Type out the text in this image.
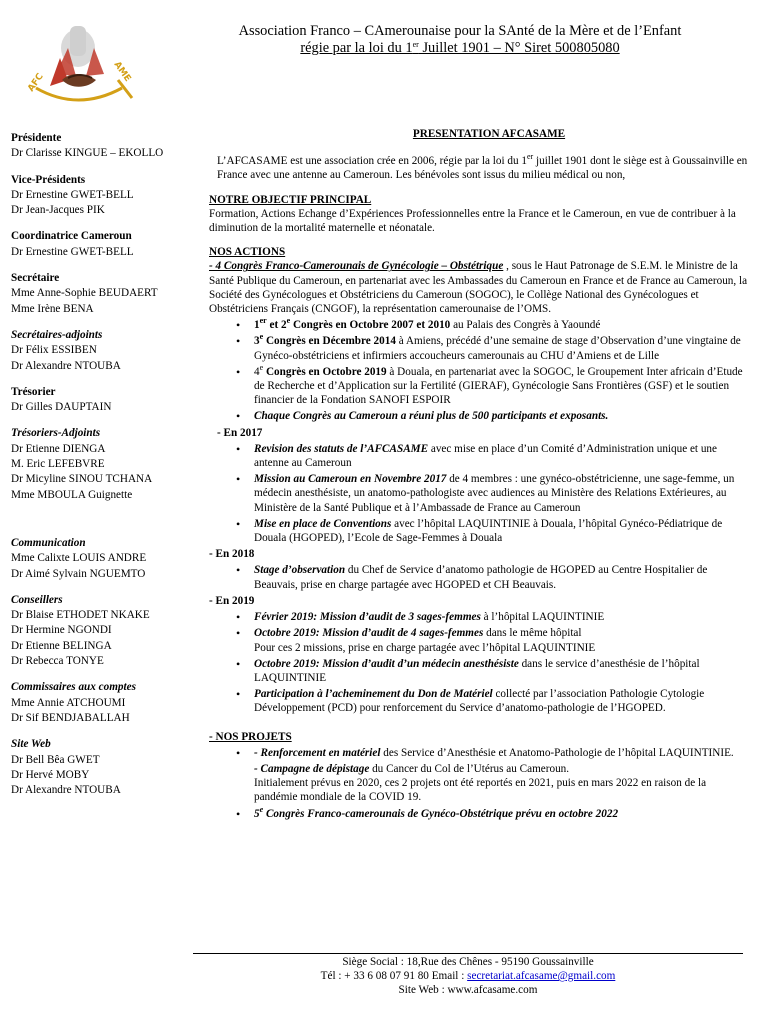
AFC	AME
Association Franco – CAmerounaise pour la SAnté de la Mère et de l’Enfant
régie par la loi du 1er Juillet 1901 – N° Siret 500805080
Présidente
Dr Clarisse KINGUE – EKOLLO
Vice-Présidents
Dr Ernestine GWET-BELL
Dr Jean-Jacques PIK
Coordinatrice Cameroun
Dr Ernestine GWET-BELL
Secrétaire
Mme Anne-Sophie BEUDAERT
Mme Irène BENA
Secrétaires-adjoints
Dr Félix ESSIBEN
Dr Alexandre NTOUBA
Trésorier
Dr Gilles DAUPTAIN
Trésoriers-Adjoints
Dr Etienne DIENGA
M. Eric LEFEBVRE
Dr Micyline SINOU TCHANA
Mme MBOULA Guignette
Communication
Mme Calixte LOUIS ANDRE
Dr Aimé Sylvain NGUEMTO
Conseillers
Dr Blaise ETHODET NKAKE
Dr Hermine NGONDI
Dr Etienne BELINGA
Dr Rebecca TONYE
Commissaires aux comptes
Mme Annie ATCHOUMI
Dr Sif BENDJABALLAH
Site Web
Dr Bell Bêa GWET
Dr Hervé MOBY
Dr Alexandre NTOUBA
PRESENTATION AFCASAME
L’AFCASAME est une association crée en 2006, régie par la loi du 1er juillet 1901 dont le siège est à Goussainville en France avec une antenne au Cameroun. Les bénévoles sont issus du milieu médical ou non,
NOTRE OBJECTIF PRINCIPAL
Formation, Actions Echange d’Expériences Professionnelles entre la France et le Cameroun, en vue de contribuer à la diminution de la mortalité maternelle et néonatale.
NOS ACTIONS
- 4 Congrès Franco-Camerounais de Gynécologie – Obstétrique , sous le Haut Patronage de S.E.M. le Ministre de la Santé Publique du Cameroun, en partenariat avec les Ambassades du Cameroun en France et de France au Cameroun, la Société des Gynécologues et Obstétriciens du Cameroun (SOGOC), le Collège National des Gynécologues et Obstétriciens Français (CNGOF), la représentation camerounaise de l’OMS.
• 1er et 2e Congrès en Octobre 2007 et 2010 au Palais des Congrès à Yaoundé
• 3e Congrès en Décembre 2014 à Amiens, précédé d’une semaine de stage d’Observation d’une vingtaine de Gynéco-obstétriciens et infirmiers accoucheurs camerounais au CHU d’Amiens et de Lille
• 4e Congrès en Octobre 2019 à Douala, en partenariat avec la SOGOC, le Groupement Inter africain d’Etude de Recherche et d’Application sur la Fertilité (GIERAF), Gynécologie Sans Frontières (GSF) et le soutien financier de la Fondation SANOFI ESPOIR
• Chaque Congrès au Cameroun a réuni plus de 500 participants et exposants.
- En 2017
• Revision des statuts de l’AFCASAME avec mise en place d’un Comité d’Administration unique et une antenne au Cameroun
• Mission au Cameroun en Novembre 2017 de 4 membres : une gynéco-obstétricienne, une sage-femme, un médecin anesthésiste, un anatomo-pathologiste avec audiences au Ministère des Relations Extérieures, au Ministère de la Santé Publique et à l’Ambassade de France au Cameroun
• Mise en place de Conventions avec l’hôpital LAQUINTINIE à Douala, l’hôpital Gynéco-Pédiatrique de Douala (HGOPED), l’Ecole de Sage-Femmes à Douala
- En 2018
• Stage d’observation du Chef de Service d’anatomo pathologie de HGOPED au Centre Hospitalier de Beauvais, prise en charge partagée avec HGOPED et CH Beauvais.
- En 2019
• Février 2019: Mission d’audit de 3 sages-femmes à l’hôpital LAQUINTINIE
• Octobre 2019: Mission d’audit de 4 sages-femmes dans le même hôpital
Pour ces 2 missions, prise en charge partagée avec l’hôpital LAQUINTINIE
• Octobre 2019: Mission d’audit d’un médecin anesthésiste dans le service d’anesthésie de l’hôpital LAQUINTINIE
• Participation à l’acheminement du Don de Matériel collecté par l’association Pathologie Cytologie Développement (PCD) pour renforcement du Service d’anatomo-pathologie de l’HGOPED.
- NOS PROJETS
• - Renforcement en matériel des Service d’Anesthésie et Anatomo-Pathologie de l’hôpital LAQUINTINIE.
- Campagne de dépistage du Cancer du Col de l’Utérus au Cameroun.
Initialement prévus en 2020, ces 2 projets ont été reportés en 2021, puis en mars 2022 en raison de la pandémie mondiale de la COVID 19.
• 5e Congrès Franco-camerounais de Gynéco-Obstétrique prévu en octobre 2022
Siège Social : 18,Rue des Chênes - 95190 Goussainville
Tél : + 33 6 08 07 91 80 Email : secretariat.afcasame@gmail.com
Site Web : www.afcasame.com
